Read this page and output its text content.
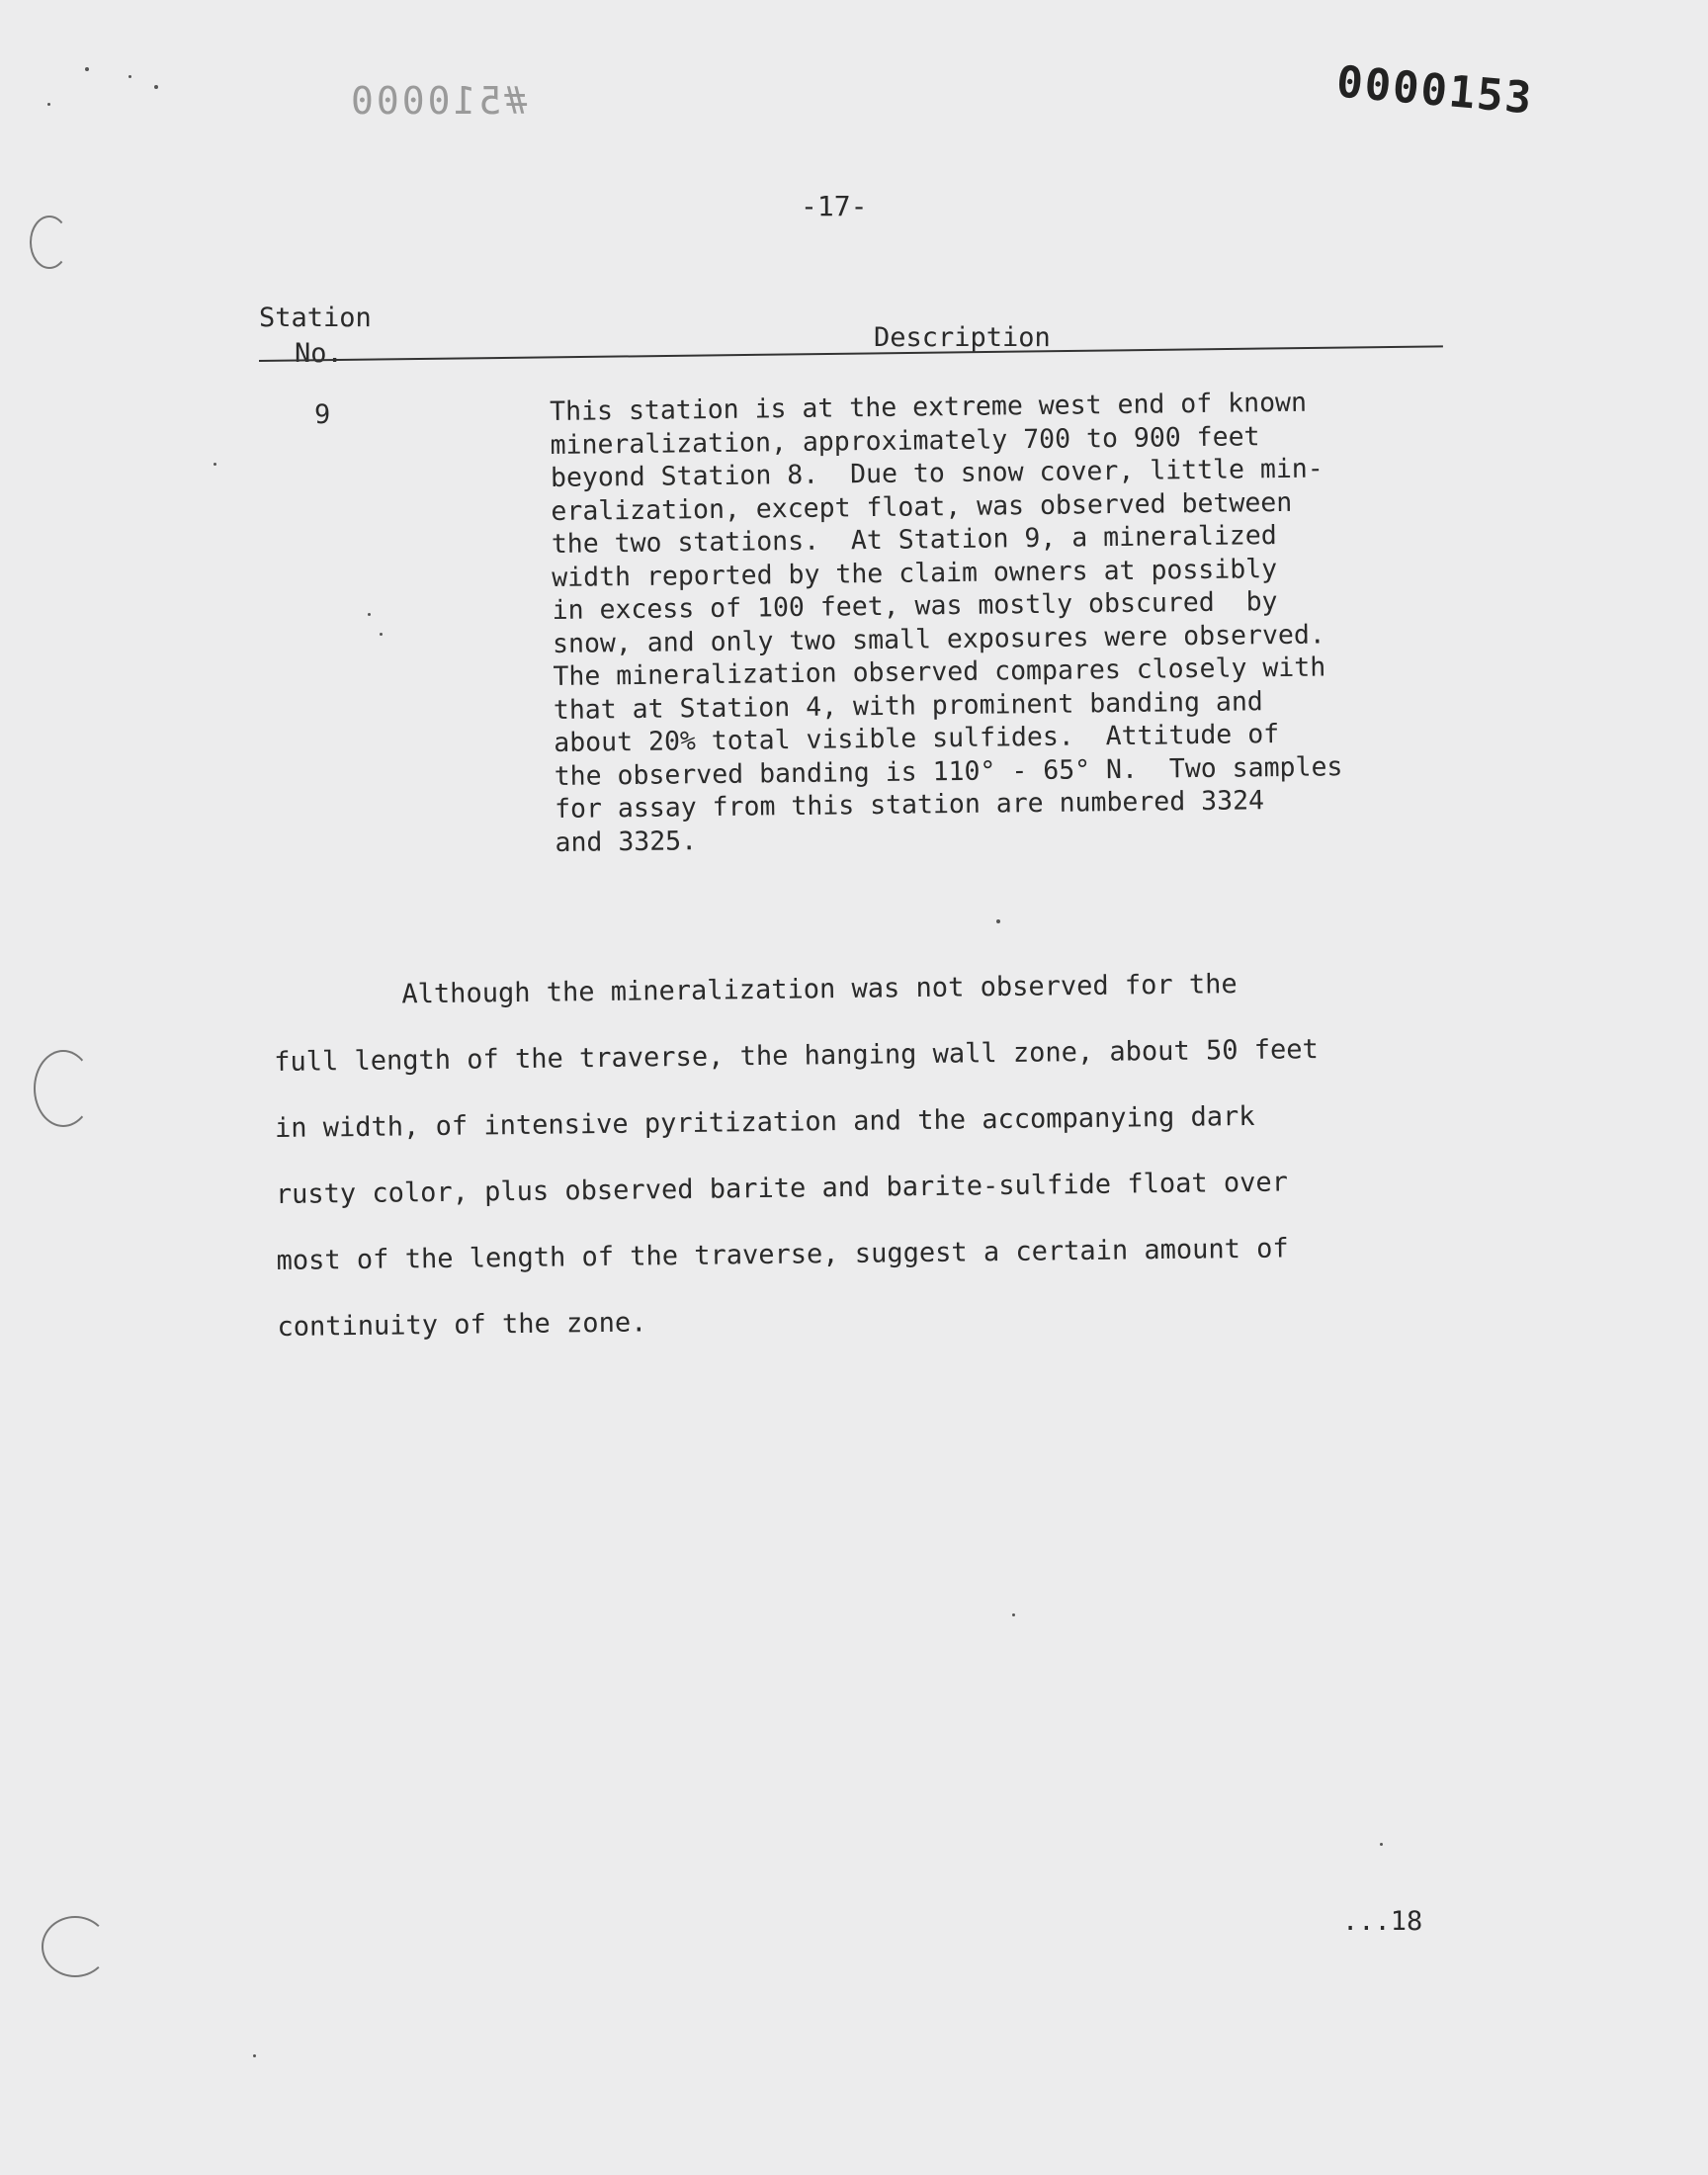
#510000	0000153
-17-
Station
No.
Description
9	This station is at the extreme west end of known
mineralization, approximately 700 to 900 feet
beyond Station 8.  Due to snow cover, little min-
eralization, except float, was observed between
the two stations.  At Station 9, a mineralized
width reported by the claim owners at possibly
in excess of 100 feet, was mostly obscured  by
snow, and only two small exposures were observed.
The mineralization observed compares closely with
that at Station 4, with prominent banding and
about 20% total visible sulfides.  Attitude of
the observed banding is 110° - 65° N.  Two samples
for assay from this station are numbered 3324
and 3325.
Although the mineralization was not observed for the
full length of the traverse, the hanging wall zone, about 50 feet
in width, of intensive pyritization and the accompanying dark
rusty color, plus observed barite and barite-sulfide float over
most of the length of the traverse, suggest a certain amount of
continuity of the zone.
...18
